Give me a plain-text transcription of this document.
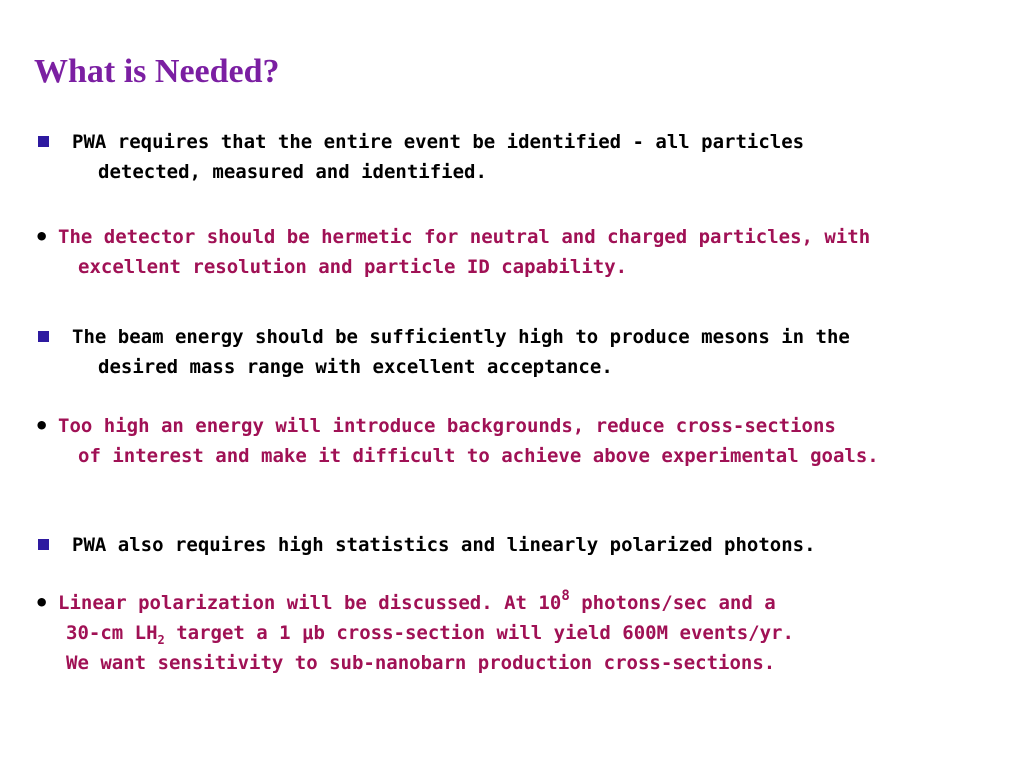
What is Needed?
PWA requires that the entire event be identified - all particles
detected, measured and identified.
• The detector should be hermetic for neutral and charged particles, with
excellent resolution and particle ID capability.
The beam energy should be sufficiently high to produce mesons in the
desired mass range with excellent acceptance.
• Too high an energy will introduce backgrounds, reduce cross-sections
of interest and make it difficult to achieve above experimental goals.
PWA also requires high statistics and linearly polarized photons.
• Linear polarization will be discussed. At $10^8$ photons/sec and a
30-cm $LH_2$ target a 1 μb cross-section will yield 600M events/yr.
We want sensitivity to sub-nanobarn production cross-sections.
